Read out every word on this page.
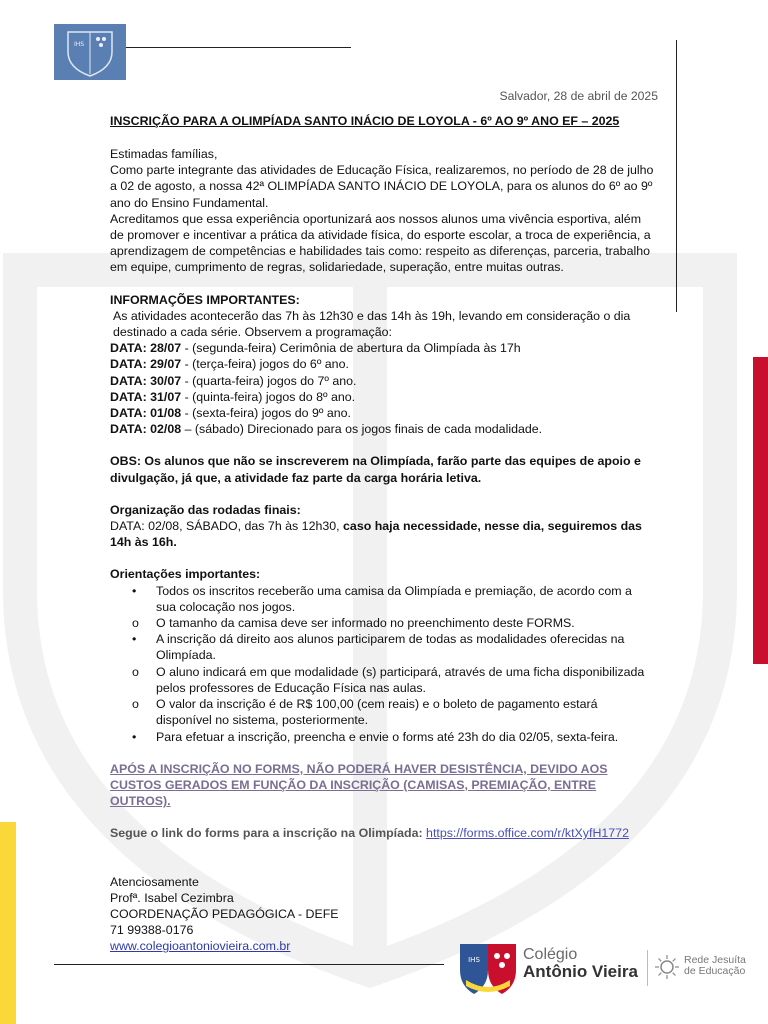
IHS
Salvador, 28 de abril de 2025
INSCRIÇÃO PARA A OLIMPÍADA SANTO INÁCIO DE LOYOLA - 6º AO 9º ANO EF – 2025

Estimadas famílias,

Como parte integrante das atividades de Educação Física, realizaremos, no período de 28 de julho a 02 de agosto, a nossa 42ª OLIMPÍADA SANTO INÁCIO DE LOYOLA, para os alunos do 6º ao 9º ano do Ensino Fundamental.

Acreditamos que essa experiência oportunizará aos nossos alunos uma vivência esportiva, além de promover e incentivar a prática da atividade física, do esporte escolar, a troca de experiência, a aprendizagem de competências e habilidades tais como: respeito as diferenças, parceria, trabalho em equipe, cumprimento de regras, solidariedade, superação, entre muitas outras.

INFORMAÇÕES IMPORTANTES:

As atividades acontecerão das 7h às 12h30 e das 14h às 19h, levando em consideração o dia destinado a cada série. Observem a programação:

DATA: 28/07 - (segunda-feira) Cerimônia de abertura da Olimpíada às 17h

DATA: 29/07 - (terça-feira) jogos do 6º ano.

DATA: 30/07 - (quarta-feira) jogos do 7º ano.

DATA: 31/07 - (quinta-feira) jogos do 8º ano.

DATA: 01/08 - (sexta-feira) jogos do 9º ano.

DATA: 02/08 – (sábado) Direcionado para os jogos finais de cada modalidade.

OBS: Os alunos que não se inscreverem na Olimpíada, farão parte das equipes de apoio e divulgação, já que, a atividade faz parte da carga horária letiva.

Organização das rodadas finais:

DATA: 02/08, SÁBADO, das 7h às 12h30, caso haja necessidade, nesse dia, seguiremos das 14h às 16h.

Orientações importantes:

• Todos os inscritos receberão uma camisa da Olimpíada e premiação, de acordo com a sua colocação nos jogos.
o O tamanho da camisa deve ser informado no preenchimento deste FORMS.
• A inscrição dá direito aos alunos participarem de todas as modalidades oferecidas na Olimpíada.
o O aluno indicará em que modalidade (s) participará, através de uma ficha disponibilizada pelos professores de Educação Física nas aulas.
o O valor da inscrição é de R$ 100,00 (cem reais) e o boleto de pagamento estará disponível no sistema, posteriormente.
• Para efetuar a inscrição, preencha e envie o forms até 23h do dia 02/05, sexta-feira.

APÓS A INSCRIÇÃO NO FORMS, NÃO PODERÁ HAVER DESISTÊNCIA, DEVIDO AOS CUSTOS GERADOS EM FUNÇÃO DA INSCRIÇÃO (CAMISAS, PREMIAÇÃO, ENTRE OUTROS).

Segue o link do forms para a inscrição na Olimpíada: https://forms.office.com/r/ktXyfH1772

Atenciosamente

Profª. Isabel Cezimbra

COORDENAÇÃO PEDAGÓGICA - DEFE

71 99388-0176

www.colegioantoniovieira.com.br

IHS	Colégio
Antônio Vieira
Rede Jesuíta
de Educação
